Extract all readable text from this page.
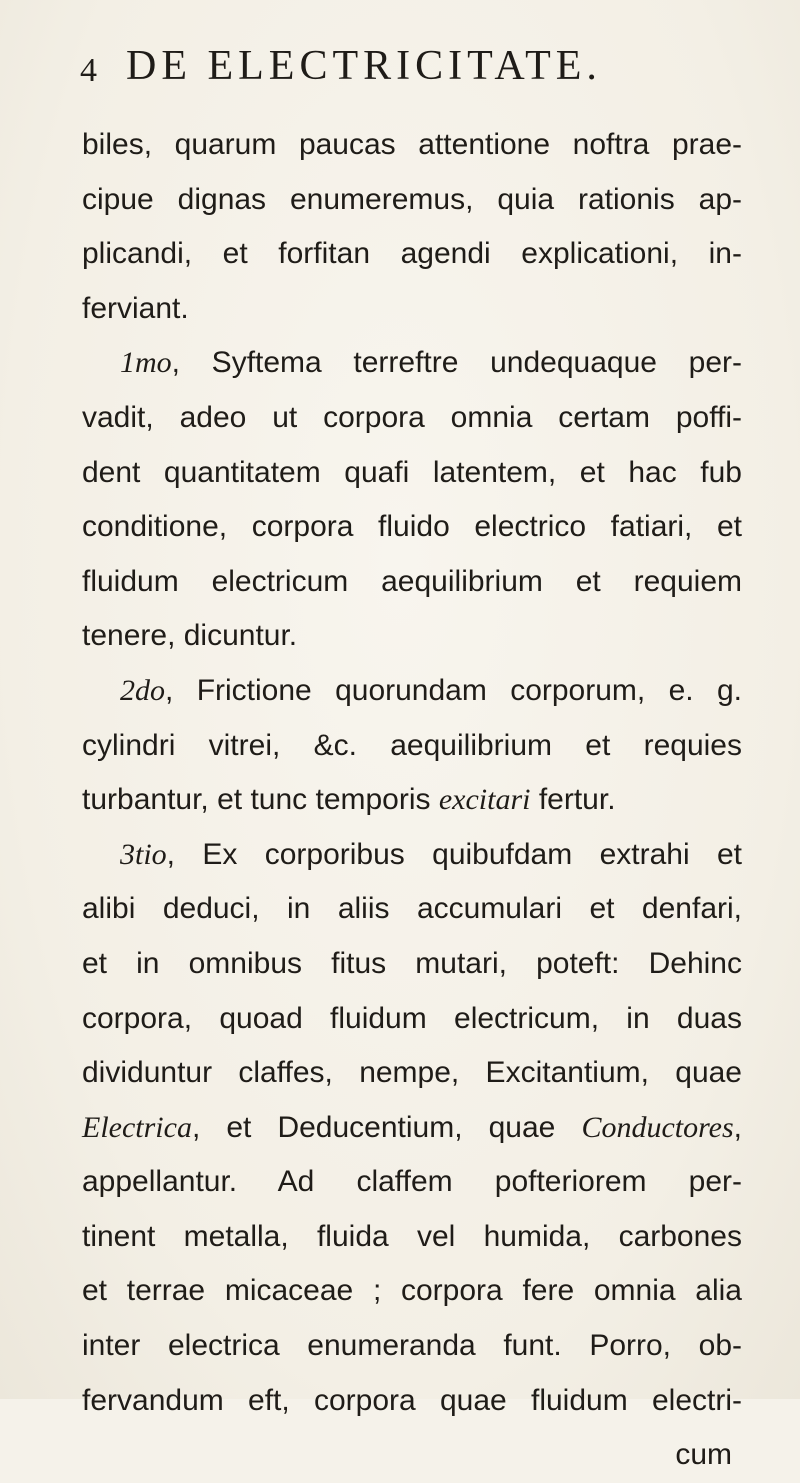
4 DE ELECTRICITATE.
biles, quarum paucas attentione noftra prae-
cipue dignas enumeremus, quia rationis ap-
plicandi, et forfitan agendi explicationi, in-
ferviant.
1mo, Syftema terreftre undequaque per-
vadit, adeo ut corpora omnia certam poffi-
dent quantitatem quafi latentem, et hac fub
conditione, corpora fluido electrico fatiari, et
fluidum electricum aequilibrium et requiem
tenere, dicuntur.
2do, Frictione quorundam corporum, e. g.
cylindri vitrei, &c. aequilibrium et requies
turbantur, et tunc temporis excitari fertur.
3tio, Ex corporibus quibufdam extrahi et
alibi deduci, in aliis accumulari et denfari,
et in omnibus fitus mutari, poteft: Dehinc
corpora, quoad fluidum electricum, in duas
dividuntur claffes, nempe, Excitantium, quae
Electrica, et Deducentium, quae Conductores,
appellantur. Ad claffem pofteriorem per-
tinent metalla, fluida vel humida, carbones
et terrae micaceae ; corpora fere omnia alia
inter electrica enumeranda funt. Porro, ob-
fervandum eft, corpora quae fluidum electri-
cum
